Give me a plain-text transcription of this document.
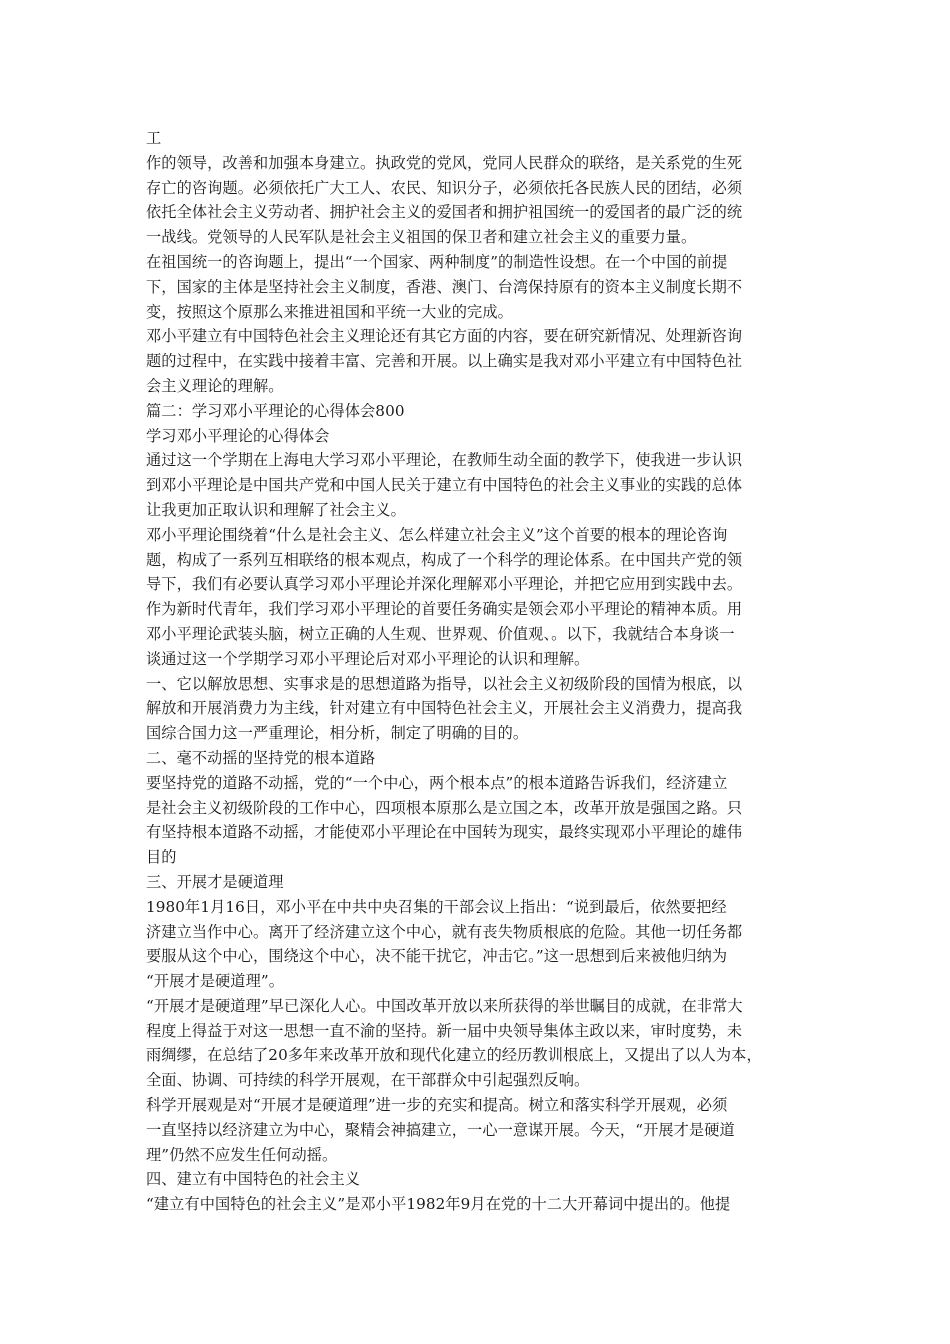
工
作的领导，改善和加强本身建立。执政党的党风，党同人民群众的联络，是关系党的生死
存亡的咨询题。必须依托广大工人、农民、知识分子，必须依托各民族人民的团结，必须
依托全体社会主义劳动者、拥护社会主义的爱国者和拥护祖国统一的爱国者的最广泛的统
一战线。党领导的人民军队是社会主义祖国的保卫者和建立社会主义的重要力量。
在祖国统一的咨询题上，提出“一个国家、两种制度”的制造性设想。在一个中国的前提
下，国家的主体是坚持社会主义制度，香港、澳门、台湾保持原有的资本主义制度长期不
变，按照这个原那么来推进祖国和平统一大业的完成。
邓小平建立有中国特色社会主义理论还有其它方面的内容，要在研究新情况、处理新咨询
题的过程中，在实践中接着丰富、完善和开展。以上确实是我对邓小平建立有中国特色社
会主义理论的理解。
篇二：学习邓小平理论的心得体会800
学习邓小平理论的心得体会
通过这一个学期在上海电大学习邓小平理论，在教师生动全面的教学下，使我进一步认识
到邓小平理论是中国共产党和中国人民关于建立有中国特色的社会主义事业的实践的总体
让我更加正取认识和理解了社会主义。
邓小平理论围绕着“什么是社会主义、怎么样建立社会主义”这个首要的根本的理论咨询
题，构成了一系列互相联络的根本观点，构成了一个科学的理论体系。在中国共产党的领
导下，我们有必要认真学习邓小平理论并深化理解邓小平理论，并把它应用到实践中去。
作为新时代青年，我们学习邓小平理论的首要任务确实是领会邓小平理论的精神本质。用
邓小平理论武装头脑，树立正确的人生观、世界观、价值观、。以下，我就结合本身谈一
谈通过这一个学期学习邓小平理论后对邓小平理论的认识和理解。
一、它以解放思想、实事求是的思想道路为指导，以社会主义初级阶段的国情为根底，以
解放和开展消费力为主线，针对建立有中国特色社会主义，开展社会主义消费力，提高我
国综合国力这一严重理论，相分析，制定了明确的目的。
二、毫不动摇的坚持党的根本道路
要坚持党的道路不动摇，党的“一个中心，两个根本点”的根本道路告诉我们，经济建立
是社会主义初级阶段的工作中心，四项根本原那么是立国之本，改革开放是强国之路。只
有坚持根本道路不动摇，才能使邓小平理论在中国转为现实，最终实现邓小平理论的雄伟
目的
三、开展才是硬道理
1980年1月16日，邓小平在中共中央召集的干部会议上指出：“说到最后，依然要把经
济建立当作中心。离开了经济建立这个中心，就有丧失物质根底的危险。其他一切任务都
要服从这个中心，围绕这个中心，决不能干扰它，冲击它。”这一思想到后来被他归纳为
“开展才是硬道理”。
“开展才是硬道理”早已深化人心。中国改革开放以来所获得的举世瞩目的成就，在非常大
程度上得益于对这一思想一直不渝的坚持。新一届中央领导集体主政以来，审时度势，未
雨绸缪，在总结了20多年来改革开放和现代化建立的经历教训根底上，又提出了以人为本，
全面、协调、可持续的科学开展观，在干部群众中引起强烈反响。
科学开展观是对“开展才是硬道理”进一步的充实和提高。树立和落实科学开展观，必须
一直坚持以经济建立为中心，聚精会神搞建立，一心一意谋开展。今天，“开展才是硬道
理”仍然不应发生任何动摇。
四、建立有中国特色的社会主义
“建立有中国特色的社会主义”是邓小平1982年9月在党的十二大开幕词中提出的。他提
